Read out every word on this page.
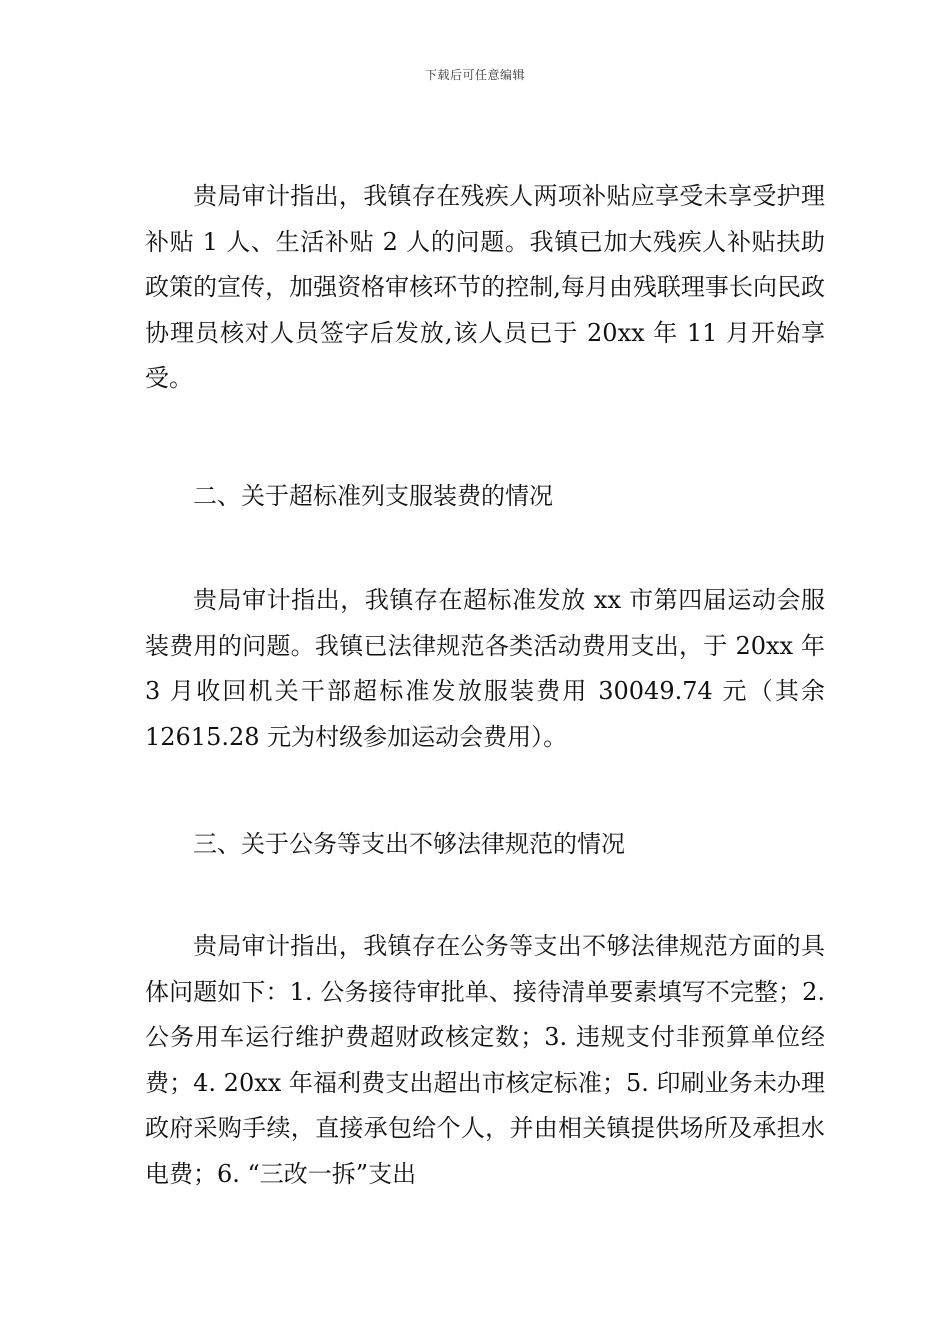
下载后可任意编辑

贵局审计指出，我镇存在残疾人两项补贴应享受未享受护理补贴 1 人、生活补贴 2 人的问题。我镇已加大残疾人补贴扶助政策的宣传，加强资格审核环节的控制,每月由残联理事长向民政协理员核对人员签字后发放,该人员已于 20xx 年 11 月开始享受。

二、关于超标准列支服装费的情况

贵局审计指出，我镇存在超标准发放 xx 市第四届运动会服装费用的问题。我镇已法律规范各类活动费用支出，于 20xx 年 3 月收回机关干部超标准发放服装费用 30049.74 元（其余 12615.28 元为村级参加运动会费用）。

三、关于公务等支出不够法律规范的情况

贵局审计指出，我镇存在公务等支出不够法律规范方面的具体问题如下：1. 公务接待审批单、接待清单要素填写不完整；2. 公务用车运行维护费超财政核定数；3. 违规支付非预算单位经费；4. 20xx 年福利费支出超出市核定标准；5. 印刷业务未办理政府采购手续，直接承包给个人，并由相关镇提供场所及承担水电费；6. “三改一拆”支出
